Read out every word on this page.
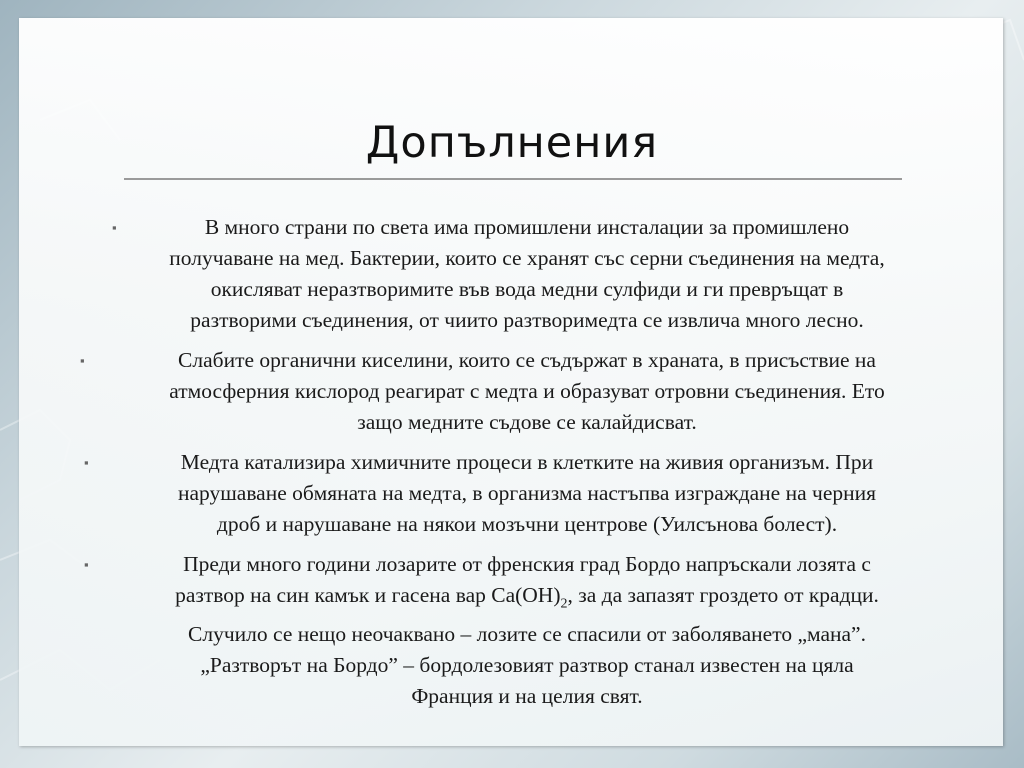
Допълнения
▪	В много страни по света има промишлени инсталации за промишлено
получаване на мед. Бактерии, които се хранят със серни съединения на медта,
окисляват неразтворимите във вода медни сулфиди и ги превръщат в
разтворими съединения, от чиито разтворимедта се извлича много лесно.
▪	Слабите органични киселини, които се съдържат в храната, в присъствие на
атмосферния кислород реагират с медта и образуват отровни съединения. Ето
защо медните съдове се калайдисват.
▪	Медта катализира химичните процеси в клетките на живия организъм. При
нарушаване обмяната на медта, в организма настъпва изграждане на черния
дроб и нарушаване на някои мозъчни центрове (Уилсънова болест).
▪	Преди много години лозарите от френския град Бордо напръскали лозята с
разтвор на син камък и гасена вар $Ca(OH)_2$, за да запазят гроздето от крадци.
Случило се нещо неочаквано – лозите се спасили от заболяването „мана”.
„Разтворът на Бордо” – бордолезовият разтвор станал известен на цяла
Франция и на целия свят.
